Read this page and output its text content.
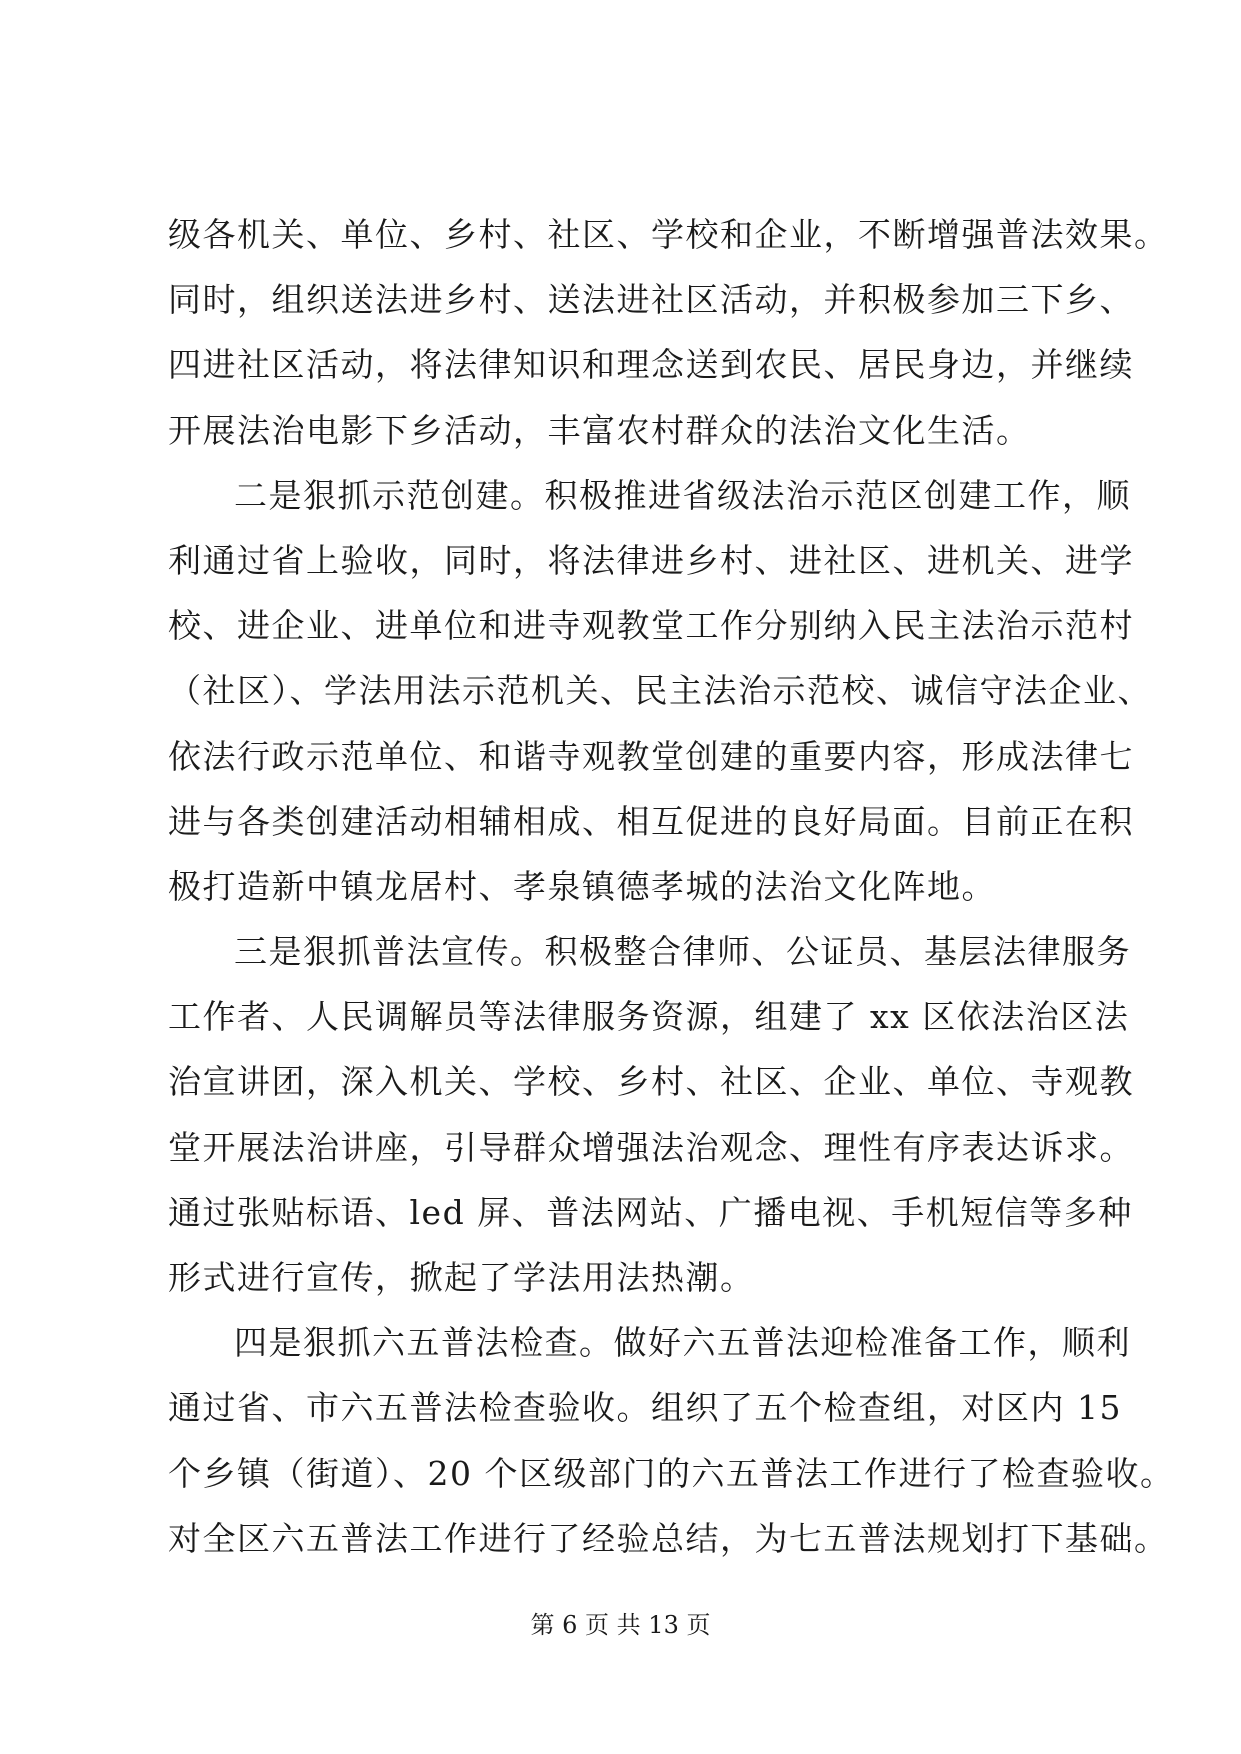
级各机关、单位、乡村、社区、学校和企业，不断增强普法效果。
同时，组织送法进乡村、送法进社区活动，并积极参加三下乡、
四进社区活动，将法律知识和理念送到农民、居民身边，并继续
开展法治电影下乡活动，丰富农村群众的法治文化生活。
二是狠抓示范创建。积极推进省级法治示范区创建工作，顺
利通过省上验收，同时，将法律进乡村、进社区、进机关、进学
校、进企业、进单位和进寺观教堂工作分别纳入民主法治示范村
（社区）、学法用法示范机关、民主法治示范校、诚信守法企业、
依法行政示范单位、和谐寺观教堂创建的重要内容，形成法律七
进与各类创建活动相辅相成、相互促进的良好局面。目前正在积
极打造新中镇龙居村、孝泉镇德孝城的法治文化阵地。
三是狠抓普法宣传。积极整合律师、公证员、基层法律服务
工作者、人民调解员等法律服务资源，组建了 xx 区依法治区法
治宣讲团，深入机关、学校、乡村、社区、企业、单位、寺观教
堂开展法治讲座，引导群众增强法治观念、理性有序表达诉求。
通过张贴标语、led 屏、普法网站、广播电视、手机短信等多种
形式进行宣传，掀起了学法用法热潮。
四是狠抓六五普法检查。做好六五普法迎检准备工作，顺利
通过省、市六五普法检查验收。组织了五个检查组，对区内 15
个乡镇（街道）、20 个区级部门的六五普法工作进行了检查验收。
对全区六五普法工作进行了经验总结，为七五普法规划打下基础。
第 6 页 共 13 页
